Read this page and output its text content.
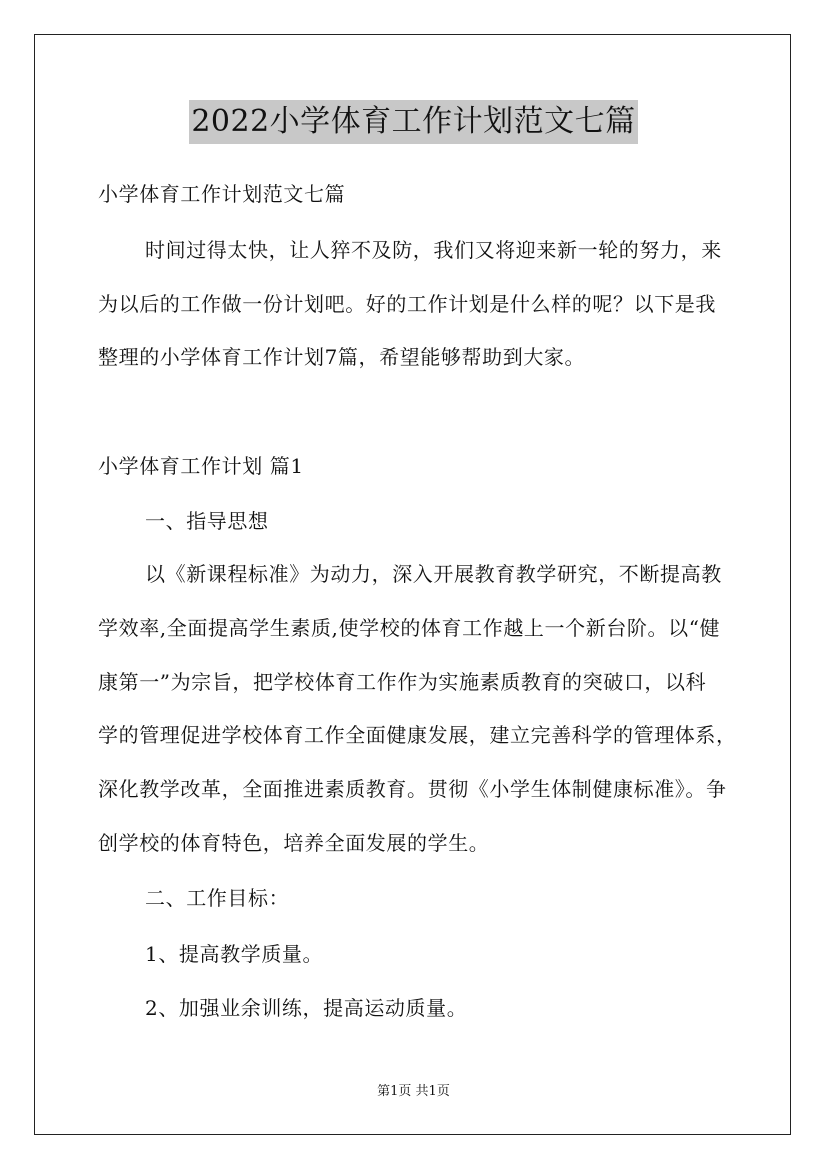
2022小学体育工作计划范文七篇
小学体育工作计划范文七篇
时间过得太快，让人猝不及防，我们又将迎来新一轮的努力，来
为以后的工作做一份计划吧。好的工作计划是什么样的呢？以下是我
整理的小学体育工作计划7篇，希望能够帮助到大家。
小学体育工作计划 篇1
一、指导思想
以《新课程标准》为动力，深入开展教育教学研究，不断提高教
学效率,全面提高学生素质,使学校的体育工作越上一个新台阶。以“健
康第一”为宗旨，把学校体育工作作为实施素质教育的突破口，以科
学的管理促进学校体育工作全面健康发展，建立完善科学的管理体系，
深化教学改革，全面推进素质教育。贯彻《小学生体制健康标准》。争
创学校的体育特色，培养全面发展的学生。
二、工作目标：
1、提高教学质量。
2、加强业余训练，提高运动质量。
第1页 共1页
